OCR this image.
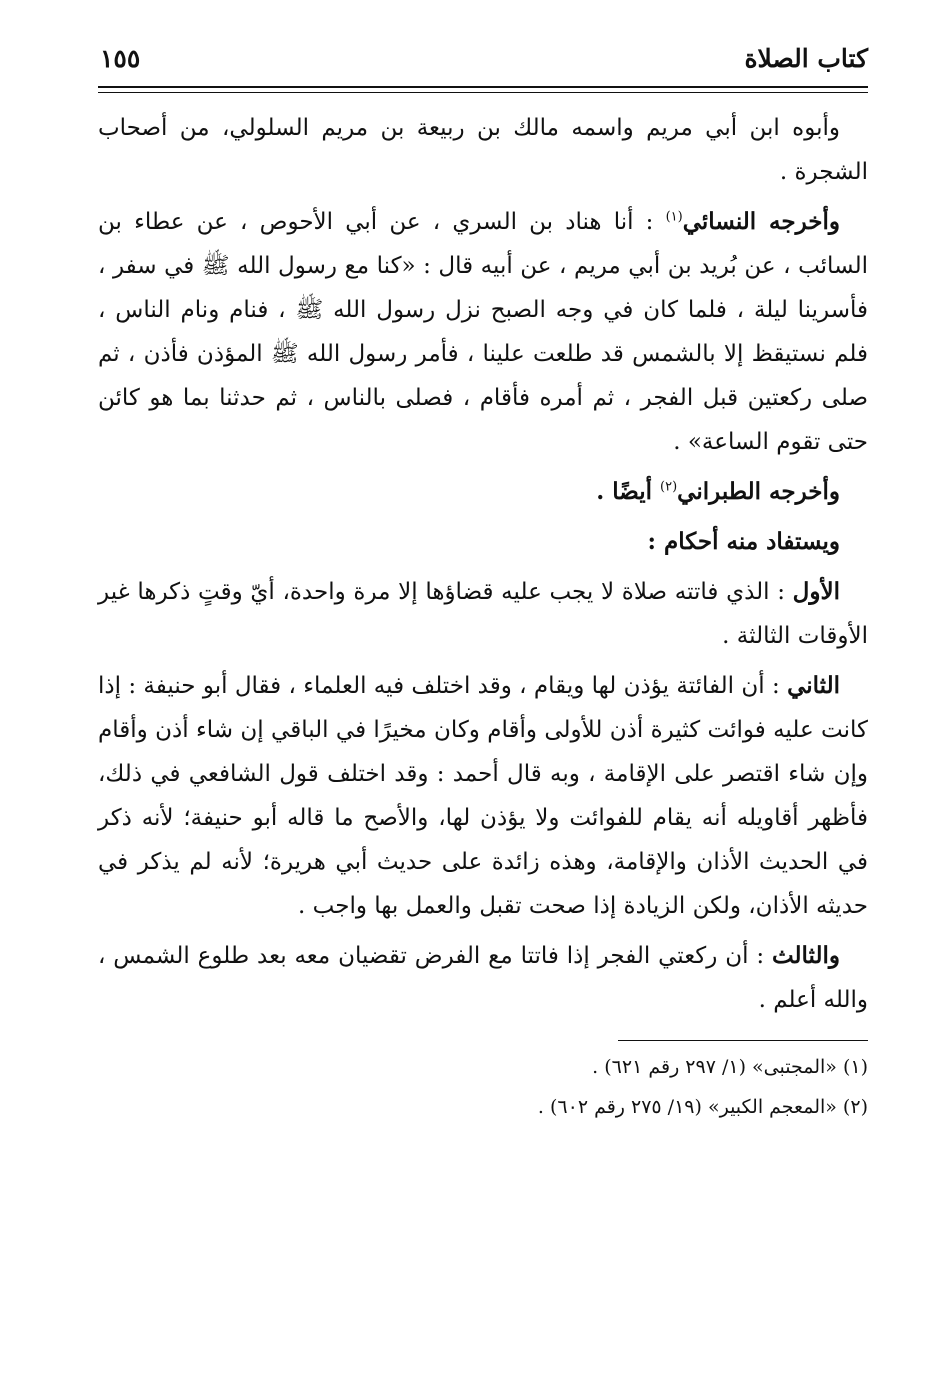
كتاب الصلاة
١٥٥

وأبوه ابن أبي مريم واسمه مالك بن ربيعة بن مريم السلولي، من أصحاب الشجرة .

وأخرجه النسائي$^{(١)}$ : أنا هناد بن السري ، عن أبي الأحوص ، عن عطاء بن السائب ، عن بُريد بن أبي مريم ، عن أبيه قال : «كنا مع رسول الله ﷺ في سفر ، فأسرينا ليلة ، فلما كان في وجه الصبح نزل رسول الله ﷺ ، فنام ونام الناس ، فلم نستيقظ إلا بالشمس قد طلعت علينا ، فأمر رسول الله ﷺ المؤذن فأذن ، ثم صلى ركعتين قبل الفجر ، ثم أمره فأقام ، فصلى بالناس ، ثم حدثنا بما هو كائن حتى تقوم الساعة» .

وأخرجه الطبراني$^{(٢)}$ أيضًا .

ويستفاد منه أحكام :

الأول : الذي فاتته صلاة لا يجب عليه قضاؤها إلا مرة واحدة، أيّ وقتٍ ذكرها غير الأوقات الثالثة .

الثاني : أن الفائتة يؤذن لها ويقام ، وقد اختلف فيه العلماء ، فقال أبو حنيفة : إذا كانت عليه فوائت كثيرة أذن للأولى وأقام وكان مخيرًا في الباقي إن شاء أذن وأقام وإن شاء اقتصر على الإقامة ، وبه قال أحمد : وقد اختلف قول الشافعي في ذلك، فأظهر أقاويله أنه يقام للفوائت ولا يؤذن لها، والأصح ما قاله أبو حنيفة؛ لأنه ذكر في الحديث الأذان والإقامة، وهذه زائدة على حديث أبي هريرة؛ لأنه لم يذكر في حديثه الأذان، ولكن الزيادة إذا صحت تقبل والعمل بها واجب .

والثالث : أن ركعتي الفجر إذا فاتتا مع الفرض تقضيان معه بعد طلوع الشمس ، والله أعلم .

(١) «المجتبى» (١/ ٢٩٧ رقم ٦٢١) .
(٢) «المعجم الكبير» (١٩/ ٢٧٥ رقم ٦٠٢) .
